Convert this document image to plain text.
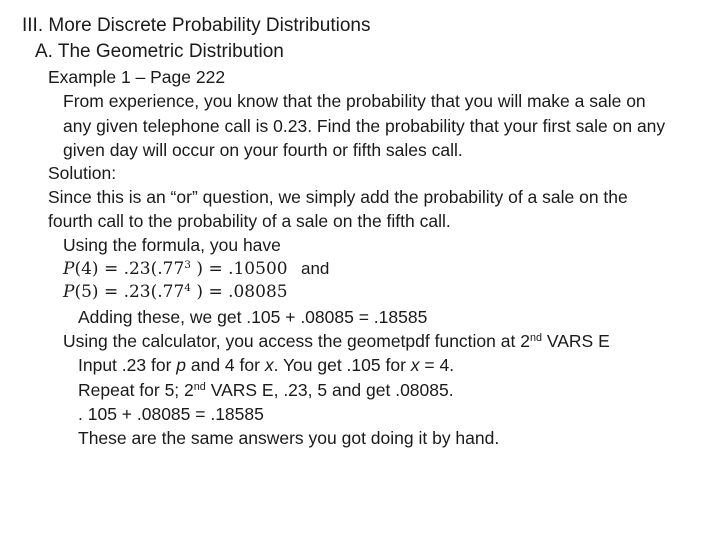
III. More Discrete Probability Distributions
A. The Geometric Distribution
Example 1 – Page 222
From experience, you know that the probability that you will make a sale on
any given telephone call is 0.23. Find the probability that your first sale on any
given day will occur on your fourth or fifth sales call.
Solution:
Since this is an “or” question, we simply add the probability of a sale on the
fourth call to the probability of a sale on the fifth call.
Using the formula, you have
$P(4) = .23(.77^3$ ) = .10500 and
$P(5) = .23(.77^4$ ) = .08085
Adding these, we get .105 + .08085 = .18585
Using the calculator, you access the geometpdf function at 2nd VARS E
Input .23 for p and 4 for x. You get .105 for x = 4.
Repeat for 5; 2nd VARS E, .23, 5 and get .08085.
. 105 + .08085 = .18585
These are the same answers you got doing it by hand.
